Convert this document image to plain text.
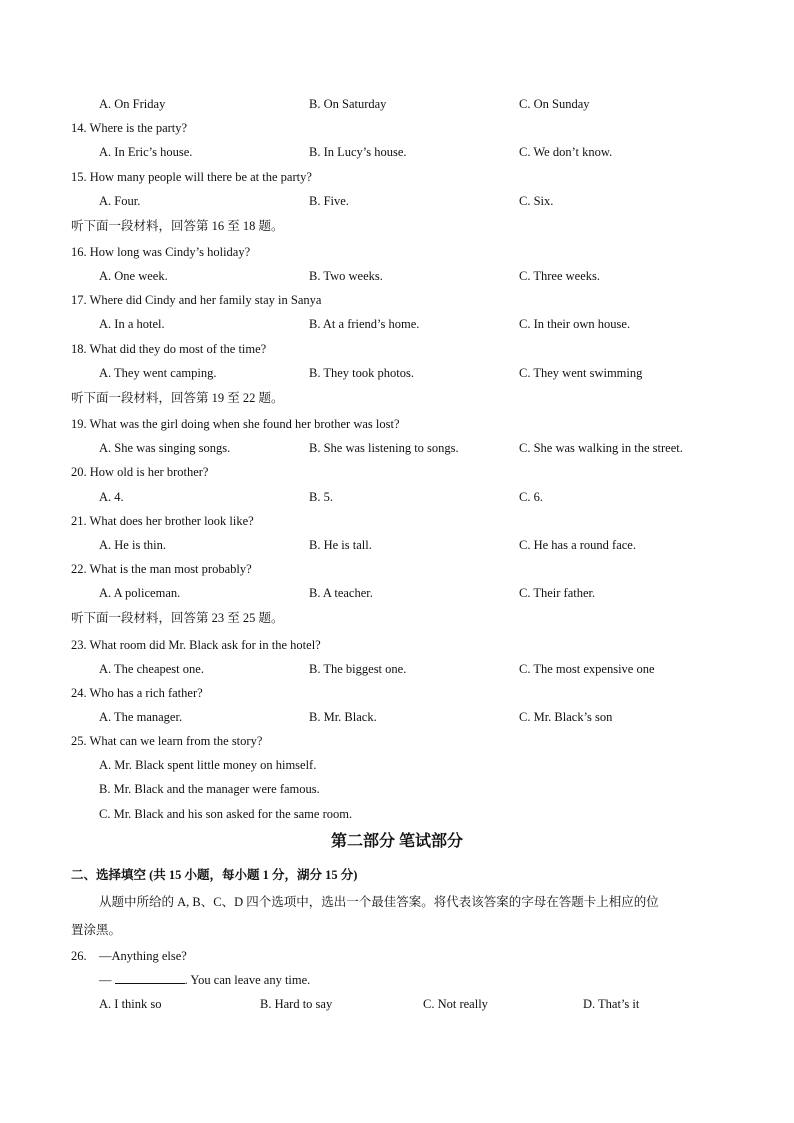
A. On Friday	B. On Saturday	C. On Sunday
14. Where is the party?
A. In Eric’s house.	B. In Lucy’s house.	C. We don’t know.
15. How many people will there be at the party?
A. Four.	B. Five.	C. Six.
听下面一段材料，回答第 16 至 18 题。
16. How long was Cindy’s holiday?
A. One week.	B. Two weeks.	C. Three weeks.
17. Where did Cindy and her family stay in Sanya
A. In a hotel.	B. At a friend’s home.	C. In their own house.
18. What did they do most of the time?
A. They went camping.	B. They took photos.	C. They went swimming
听下面一段材料，回答第 19 至 22 题。
19. What was the girl doing when she found her brother was lost?
A. She was singing songs.	B. She was listening to songs.	C. She was walking in the street.
20. How old is her brother?
A. 4.	B. 5.	C. 6.
21. What does her brother look like?
A. He is thin.	B. He is tall.	C. He has a round face.
22. What is the man most probably?
A. A policeman.	B. A teacher.	C. Their father.
听下面一段材料，回答第 23 至 25 题。
23. What room did Mr. Black ask for in the hotel?
A. The cheapest one.	B. The biggest one.	C. The most expensive one
24. Who has a rich father?
A. The manager.	B. Mr. Black.	C. Mr. Black’s son
25. What can we learn from the story?
A. Mr. Black spent little money on himself.
B. Mr. Black and the manager were famous.
C. Mr. Black and his son asked for the same room.
第二部分 笔试部分
二、选择填空 (共 15 小题，每小题 1 分，湖分 15 分)
从题中所给的 A, B、C、D 四个选项中，选出一个最佳答案。将代表该答案的字母在答题卡上相应的位
置涂黑。
26. —Anything else?
—	. You can leave any time.
A. I think so	B. Hard to say	C. Not really	D. That’s it
